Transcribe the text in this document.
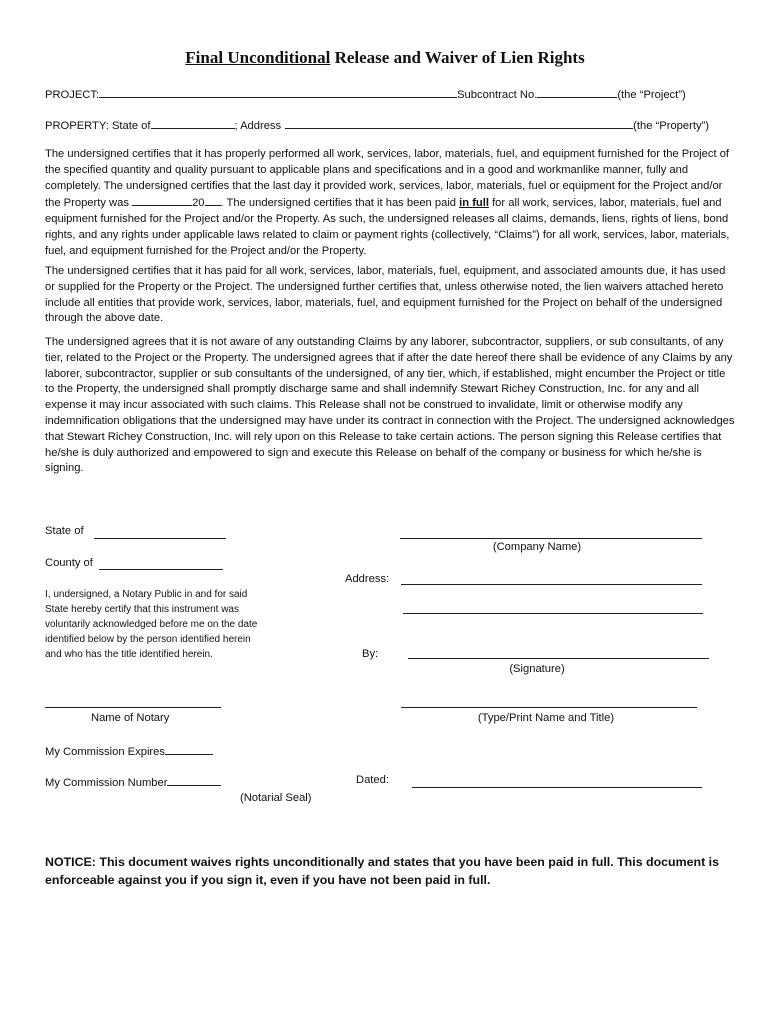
Final Unconditional Release and Waiver of Lien Rights
PROJECT:	Subcontract No.	(the “Project”)
PROPERTY: State of	; Address	(the “Property”)

The undersigned certifies that it has properly performed all work, services, labor, materials, fuel, and equipment furnished for the Project of the specified quantity and quality pursuant to applicable plans and specifications and in a good and workmanlike manner, fully and completely. The undersigned certifies that the last day it provided work, services, labor, materials, fuel or equipment for the Project and/or the Property was	20 . The undersigned certifies that it has been paid in full for all work, services, labor, materials, fuel and equipment furnished for the Project and/or the Property. As such, the undersigned releases all claims, demands, liens, rights of liens, bond rights, and any rights under applicable laws related to claim or payment rights (collectively, “Claims”) for all work, services, labor, materials, fuel, and equipment furnished for the Project and/or the Property.

The undersigned certifies that it has paid for all work, services, labor, materials, fuel, equipment, and associated amounts due, it has used or supplied for the Property or the Project. The undersigned further certifies that, unless otherwise noted, the lien waivers attached hereto include all entities that provide work, services, labor, materials, fuel, and equipment furnished for the Project on behalf of the undersigned through the above date.

The undersigned agrees that it is not aware of any outstanding Claims by any laborer, subcontractor, suppliers, or sub consultants, of any tier, related to the Project or the Property. The undersigned agrees that if after the date hereof there shall be evidence of any Claims by any laborer, subcontractor, supplier or sub consultants of the undersigned, of any tier, which, if established, might encumber the Project or title to the Property, the undersigned shall promptly discharge same and shall indemnify Stewart Richey Construction, Inc. for any and all expense it may incur associated with such claims. This Release shall not be construed to invalidate, limit or otherwise modify any indemnification obligations that the undersigned may have under its contract in connection with the Project. The undersigned acknowledges that Stewart Richey Construction, Inc. will rely upon on this Release to take certain actions. The person signing this Release certifies that he/she is duly authorized and empowered to sign and execute this Release on behalf of the company or business for which he/she is signing.

State of
County of
I, undersigned, a Notary Public in and for said
State hereby certify that this instrument was
voluntarily acknowledged before me on the date
identified below by the person identified herein
and who has the title identified herein.
Name of Notary
My Commission Expires
My Commission Number
(Notarial Seal)
(Company Name)
Address:
By:
(Signature)
(Type/Print Name and Title)
Dated:
NOTICE: This document waives rights unconditionally and states that you have been paid in full. This document is enforceable against you if you sign it, even if you have not been paid in full.
